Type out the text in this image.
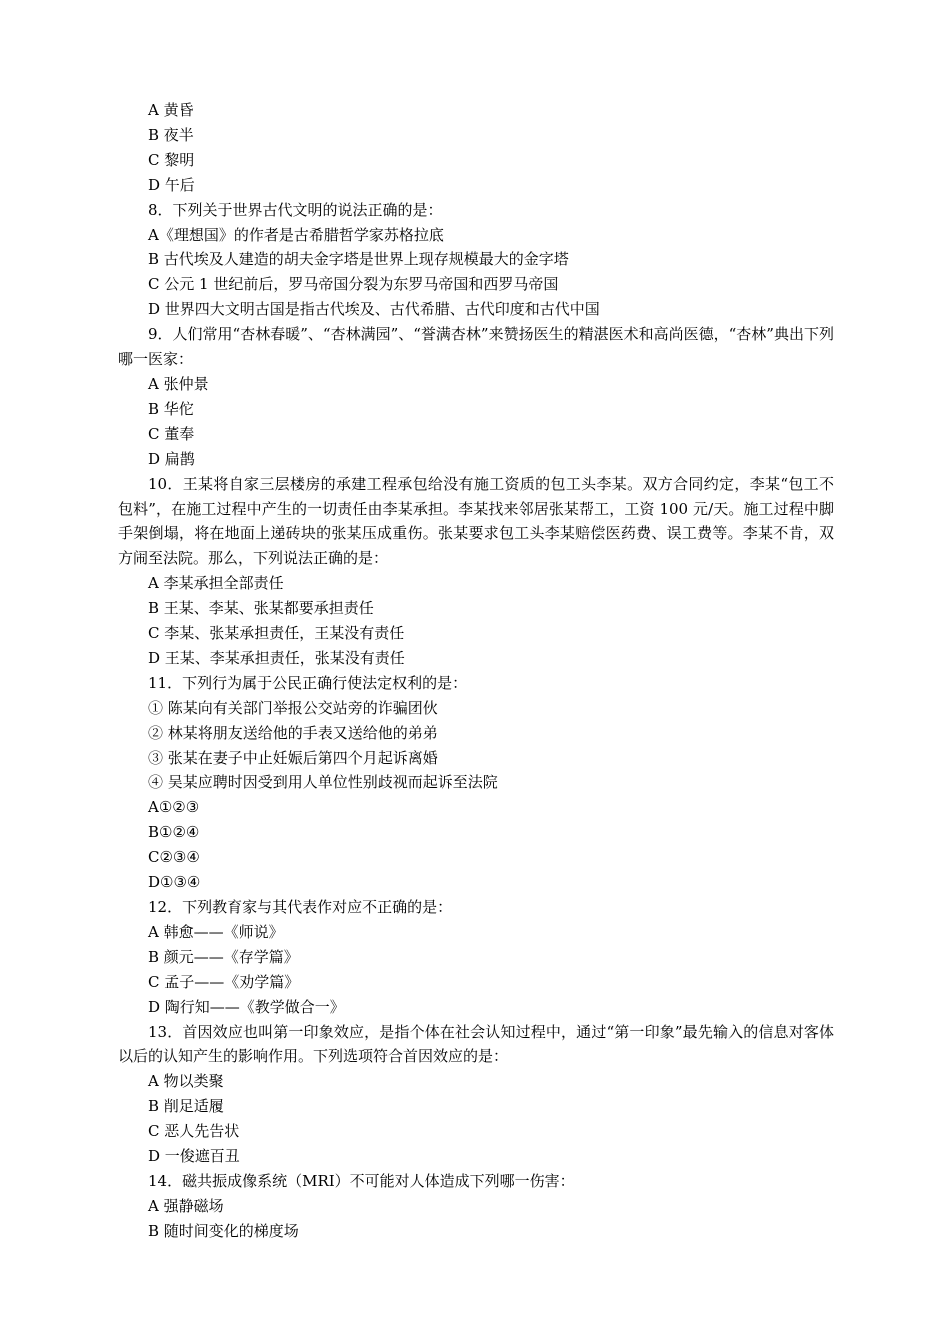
A 黄昏

B 夜半

C 黎明

D 午后

8．下列关于世界古代文明的说法正确的是：

A《理想国》的作者是古希腊哲学家苏格拉底

B 古代埃及人建造的胡夫金字塔是世界上现存规模最大的金字塔

C 公元 1 世纪前后，罗马帝国分裂为东罗马帝国和西罗马帝国

D 世界四大文明古国是指古代埃及、古代希腊、古代印度和古代中国

9．人们常用“杏林春暖”、“杏林满园”、“誉满杏林”来赞扬医生的精湛医术和高尚医德，“杏林”典出下列哪一医家：

A 张仲景

B 华佗

C 董奉

D 扁鹊

10．王某将自家三层楼房的承建工程承包给没有施工资质的包工头李某。双方合同约定，李某“包工不包料”，在施工过程中产生的一切责任由李某承担。李某找来邻居张某帮工，工资 100 元/天。施工过程中脚手架倒塌，将在地面上递砖块的张某压成重伤。张某要求包工头李某赔偿医药费、误工费等。李某不肯，双方闹至法院。那么，下列说法正确的是：

A 李某承担全部责任

B 王某、李某、张某都要承担责任

C 李某、张某承担责任，王某没有责任

D 王某、李某承担责任，张某没有责任

11．下列行为属于公民正确行使法定权利的是：

① 陈某向有关部门举报公交站旁的诈骗团伙

② 林某将朋友送给他的手表又送给他的弟弟

③ 张某在妻子中止妊娠后第四个月起诉离婚

④ 吴某应聘时因受到用人单位性别歧视而起诉至法院

A①②③

B①②④

C②③④

D①③④

12．下列教育家与其代表作对应不正确的是：

A 韩愈——《师说》

B 颜元——《存学篇》

C 孟子——《劝学篇》

D 陶行知——《教学做合一》

13．首因效应也叫第一印象效应，是指个体在社会认知过程中，通过“第一印象”最先输入的信息对客体以后的认知产生的影响作用。下列选项符合首因效应的是：

A 物以类聚

B 削足适履

C 恶人先告状

D 一俊遮百丑

14．磁共振成像系统（MRI）不可能对人体造成下列哪一伤害：

A 强静磁场

B 随时间变化的梯度场
